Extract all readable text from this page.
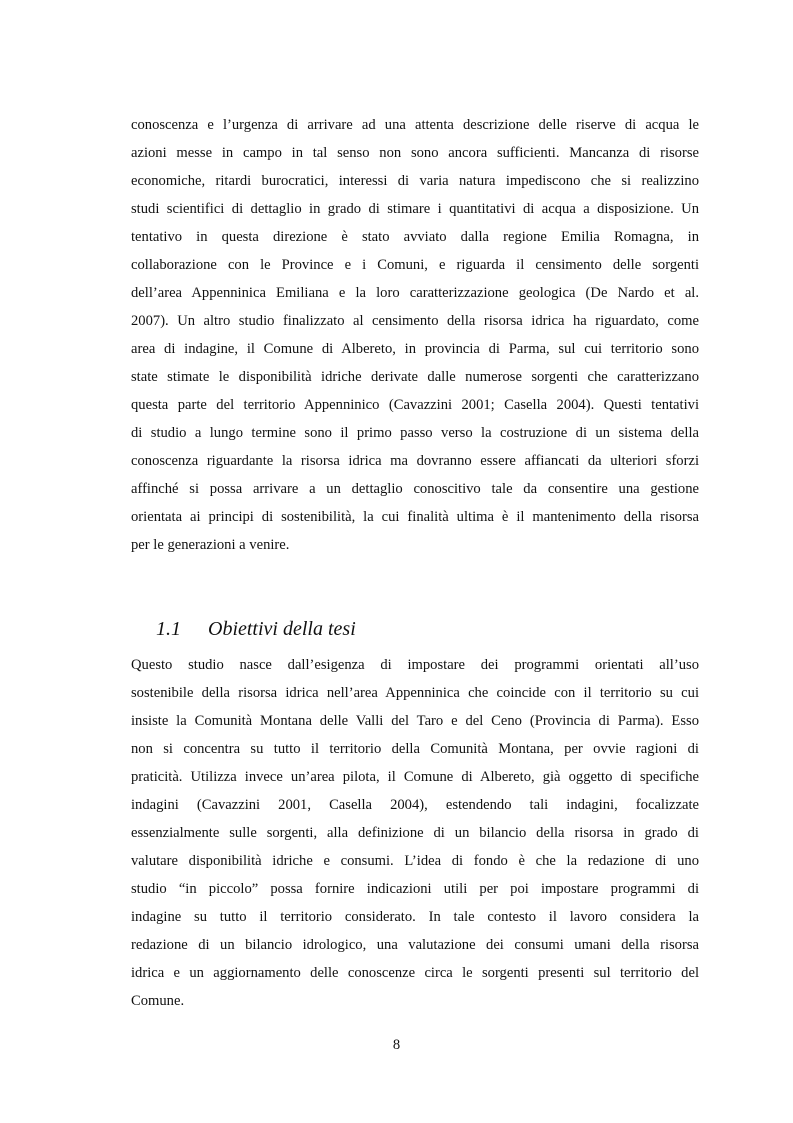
conoscenza e l’urgenza di arrivare ad una attenta descrizione delle riserve di acqua le
azioni messe in campo in tal senso non sono ancora sufficienti. Mancanza di risorse
economiche, ritardi burocratici, interessi di varia natura impediscono che si realizzino
studi scientifici di dettaglio in grado di stimare i quantitativi di acqua a disposizione. Un
tentativo in questa direzione è stato avviato dalla regione Emilia Romagna, in
collaborazione con le Province e i Comuni, e riguarda il censimento delle sorgenti
dell’area Appenninica Emiliana e la loro caratterizzazione geologica (De Nardo et al.
2007). Un altro studio finalizzato al censimento della risorsa idrica ha riguardato, come
area di indagine, il Comune di Albereto, in provincia di Parma, sul cui territorio sono
state stimate le disponibilità idriche derivate dalle numerose sorgenti che caratterizzano
questa parte del territorio Appenninico (Cavazzini 2001; Casella 2004). Questi tentativi
di studio a lungo termine sono il primo passo verso la costruzione di un sistema della
conoscenza riguardante la risorsa idrica ma dovranno essere affiancati da ulteriori sforzi
affinché si possa arrivare a un dettaglio conoscitivo tale da consentire una gestione
orientata ai principi di sostenibilità, la cui finalità ultima è il mantenimento della risorsa
per le generazioni a venire.
1.1 Obiettivi della tesi
Questo studio nasce dall’esigenza di impostare dei programmi orientati all’uso
sostenibile della risorsa idrica nell’area Appenninica che coincide con il territorio su cui
insiste la Comunità Montana delle Valli del Taro e del Ceno (Provincia di Parma). Esso
non si concentra su tutto il territorio della Comunità Montana, per ovvie ragioni di
praticità. Utilizza invece un’area pilota, il Comune di Albereto, già oggetto di specifiche
indagini (Cavazzini 2001, Casella 2004), estendendo tali indagini, focalizzate
essenzialmente sulle sorgenti, alla definizione di un bilancio della risorsa in grado di
valutare disponibilità idriche e consumi. L’idea di fondo è che la redazione di uno
studio “in piccolo” possa fornire indicazioni utili per poi impostare programmi di
indagine su tutto il territorio considerato. In tale contesto il lavoro considera la
redazione di un bilancio idrologico, una valutazione dei consumi umani della risorsa
idrica e un aggiornamento delle conoscenze circa le sorgenti presenti sul territorio del
Comune.
8
